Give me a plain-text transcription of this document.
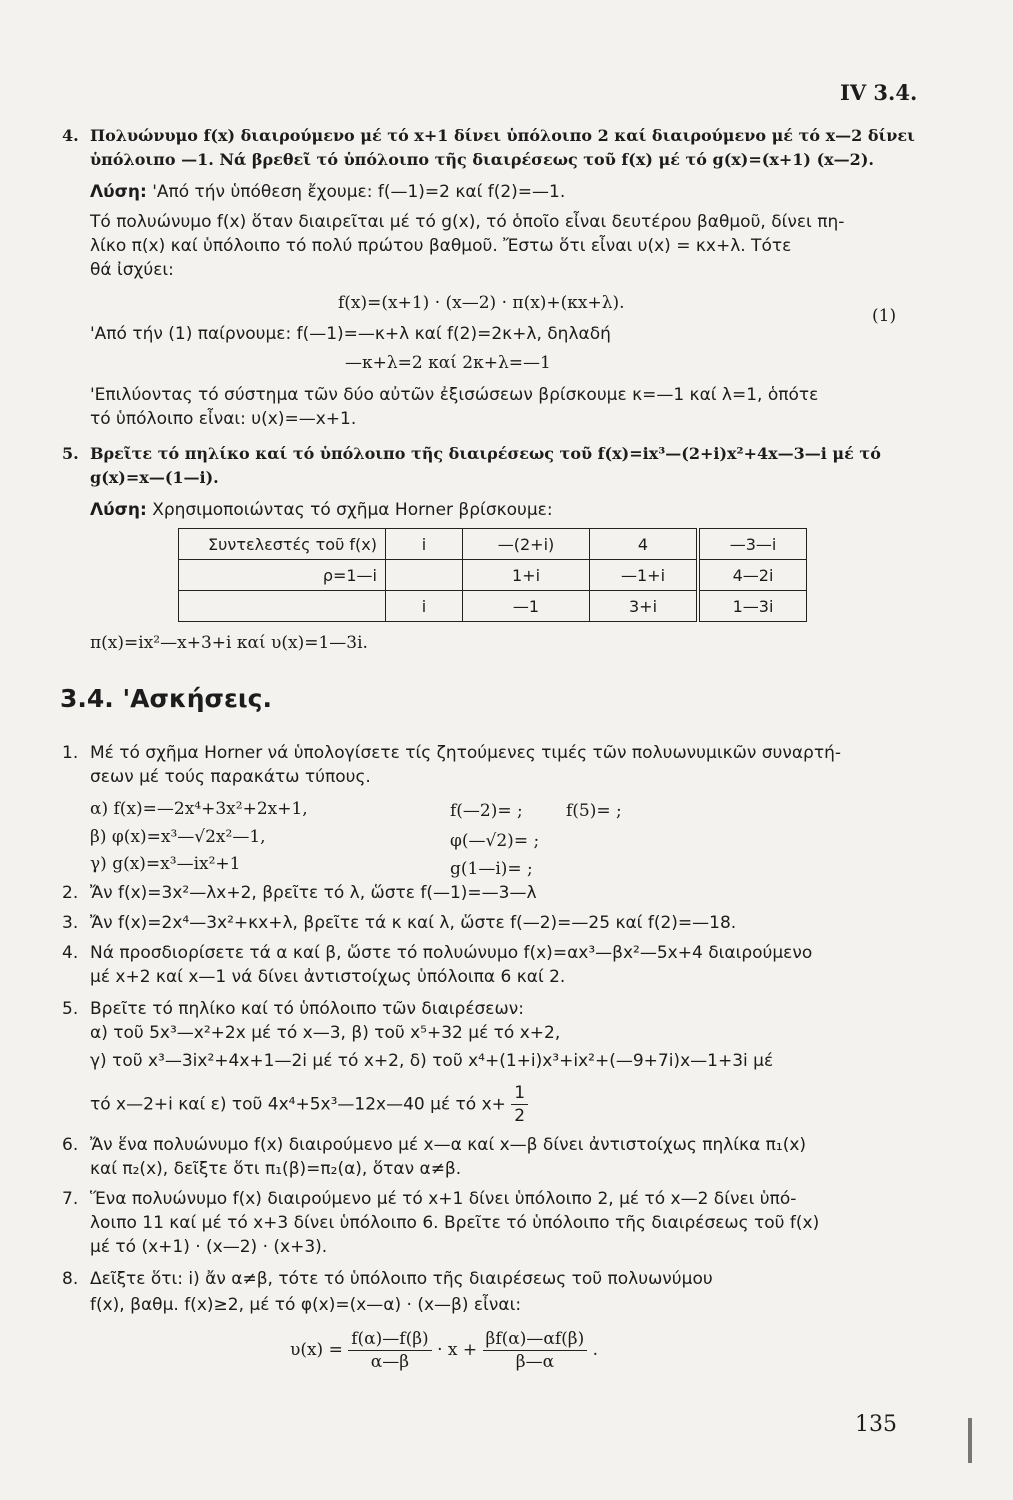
IV 3.4.
4. Πολυώνυμο f(x) διαιρούμενο μέ τό x+1 δίνει ὑπόλοιπο 2 καί διαιρούμενο μέ τό x—2 δίνει
ὑπόλοιπο —1. Νά βρεθεῖ τό ὑπόλοιπο τῆς διαιρέσεως τοῦ f(x) μέ τό g(x)=(x+1) (x—2).
Λύση: 'Από τήν ὑπόθεση ἔχουμε: f(—1)=2 καί f(2)=—1.
Τό πολυώνυμο f(x) ὅταν διαιρεῖται μέ τό g(x), τό ὁποῖο εἶναι δευτέρου βαθμοῦ, δίνει πη-
λίκο π(x) καί ὑπόλοιπο τό πολύ πρώτου βαθμοῦ. Ἔστω ὅτι εἶναι υ(x) = κx+λ. Τότε
θά ἰσχύει:
f(x)=(x+1) · (x—2) · π(x)+(κx+λ).
(1)
'Από τήν (1) παίρνουμε: f(—1)=—κ+λ καί f(2)=2κ+λ, δηλαδή
—κ+λ=2 καί 2κ+λ=—1
'Επιλύοντας τό σύστημα τῶν δύο αὐτῶν ἐξισώσεων βρίσκουμε κ=—1 καί λ=1, ὁπότε
τό ὑπόλοιπο εἶναι: υ(x)=—x+1.
5. Βρεῖτε τό πηλίκο καί τό ὑπόλοιπο τῆς διαιρέσεως τοῦ f(x)=ix³—(2+i)x²+4x—3—i μέ τό
g(x)=x—(1—i).
Λύση: Χρησιμοποιώντας τό σχῆμα Horner βρίσκουμε:
Συντελεστές τοῦ f(x)	i	—(2+i)	4	—3—i
ρ=1—i		1+i	—1+i	4—2i
	i	—1	3+i	1—3i
π(x)=ix²—x+3+i καί υ(x)=1—3i.
3.4. 'Ασκήσεις.
1. Μέ τό σχῆμα Horner νά ὑπολογίσετε τίς ζητούμενες τιμές τῶν πολυωνυμικῶν συναρτή-
σεων μέ τούς παρακάτω τύπους.
α) f(x)=—2x⁴+3x²+2x+1,	f(—2)= ;	f(5)= ;
β) φ(x)=x³—√2x²—1,	φ(—√2)= ;
γ) g(x)=x³—ix²+1	g(1—i)= ;
2. Ἄν f(x)=3x²—λx+2, βρεῖτε τό λ, ὥστε f(—1)=—3—λ
3. Ἄν f(x)=2x⁴—3x²+κx+λ, βρεῖτε τά κ καί λ, ὥστε f(—2)=—25 καί f(2)=—18.
4. Νά προσδιορίσετε τά α καί β, ὥστε τό πολυώνυμο f(x)=αx³—βx²—5x+4 διαιρούμενο
μέ x+2 καί x—1 νά δίνει ἀντιστοίχως ὑπόλοιπα 6 καί 2.
5. Βρεῖτε τό πηλίκο καί τό ὑπόλοιπο τῶν διαιρέσεων:
α) τοῦ 5x³—x²+2x μέ τό x—3, β) τοῦ x⁵+32 μέ τό x+2,
γ) τοῦ x³—3ix²+4x+1—2i μέ τό x+2, δ) τοῦ x⁴+(1+i)x³+ix²+(—9+7i)x—1+3i μέ
τό x—2+i καί ε) τοῦ 4x⁴+5x³—12x—40 μέ τό $x+ \frac{1}{2}$
6. Ἄν ἕνα πολυώνυμο f(x) διαιρούμενο μέ x—α καί x—β δίνει ἀντιστοίχως πηλίκα π₁(x)
καί π₂(x), δεῖξτε ὅτι π₁(β)=π₂(α), ὅταν α≠β.
7. Ἕνα πολυώνυμο f(x) διαιρούμενο μέ τό x+1 δίνει ὑπόλοιπο 2, μέ τό x—2 δίνει ὑπό-
λοιπο 11 καί μέ τό x+3 δίνει ὑπόλοιπο 6. Βρεῖτε τό ὑπόλοιπο τῆς διαιρέσεως τοῦ f(x)
μέ τό (x+1) · (x—2) · (x+3).
8. Δεῖξτε ὅτι: i) ἄν α≠β, τότε τό ὑπόλοιπο τῆς διαιρέσεως τοῦ πολυωνύμου
f(x), βαθμ. f(x)≥2, μέ τό φ(x)=(x—α) · (x—β) εἶναι:
$\upsilon(x) = \frac{f(\alpha)—f(\beta)}{\alpha—\beta} \cdot x + \frac{\beta f(\alpha)—\alpha f(\beta)}{\beta—\alpha}$ .
135
